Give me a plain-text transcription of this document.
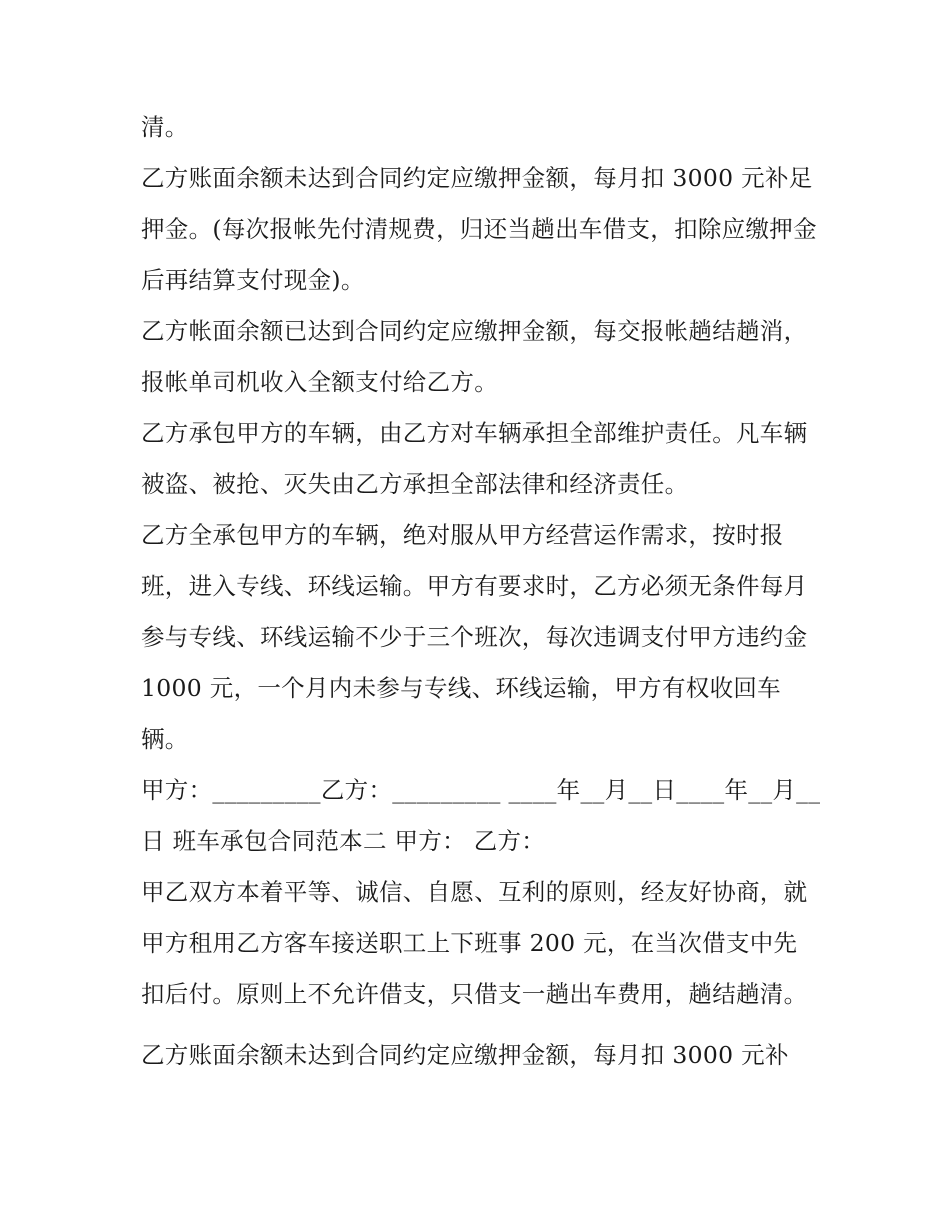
清。

乙方账面余额未达到合同约定应缴押金额，每月扣 3000 元补足押金。(每次报帐先付清规费，归还当趟出车借支，扣除应缴押金后再结算支付现金)。

乙方帐面余额已达到合同约定应缴押金额，每交报帐趟结趟消，报帐单司机收入全额支付给乙方。

乙方承包甲方的车辆，由乙方对车辆承担全部维护责任。凡车辆被盗、被抢、灭失由乙方承担全部法律和经济责任。

乙方全承包甲方的车辆，绝对服从甲方经营运作需求，按时报班，进入专线、环线运输。甲方有要求时，乙方必须无条件每月参与专线、环线运输不少于三个班次，每次违调支付甲方违约金 1000 元，一个月内未参与专线、环线运输，甲方有权收回车辆。

甲方：_________乙方：_________ ____年__月__日____年__月__日 班车承包合同范本二 甲方： 乙方：

甲乙双方本着平等、诚信、自愿、互利的原则，经友好协商，就甲方租用乙方客车接送职工上下班事 200 元，在当次借支中先扣后付。原则上不允许借支，只借支一趟出车费用，趟结趟清。

乙方账面余额未达到合同约定应缴押金额，每月扣 3000 元补
